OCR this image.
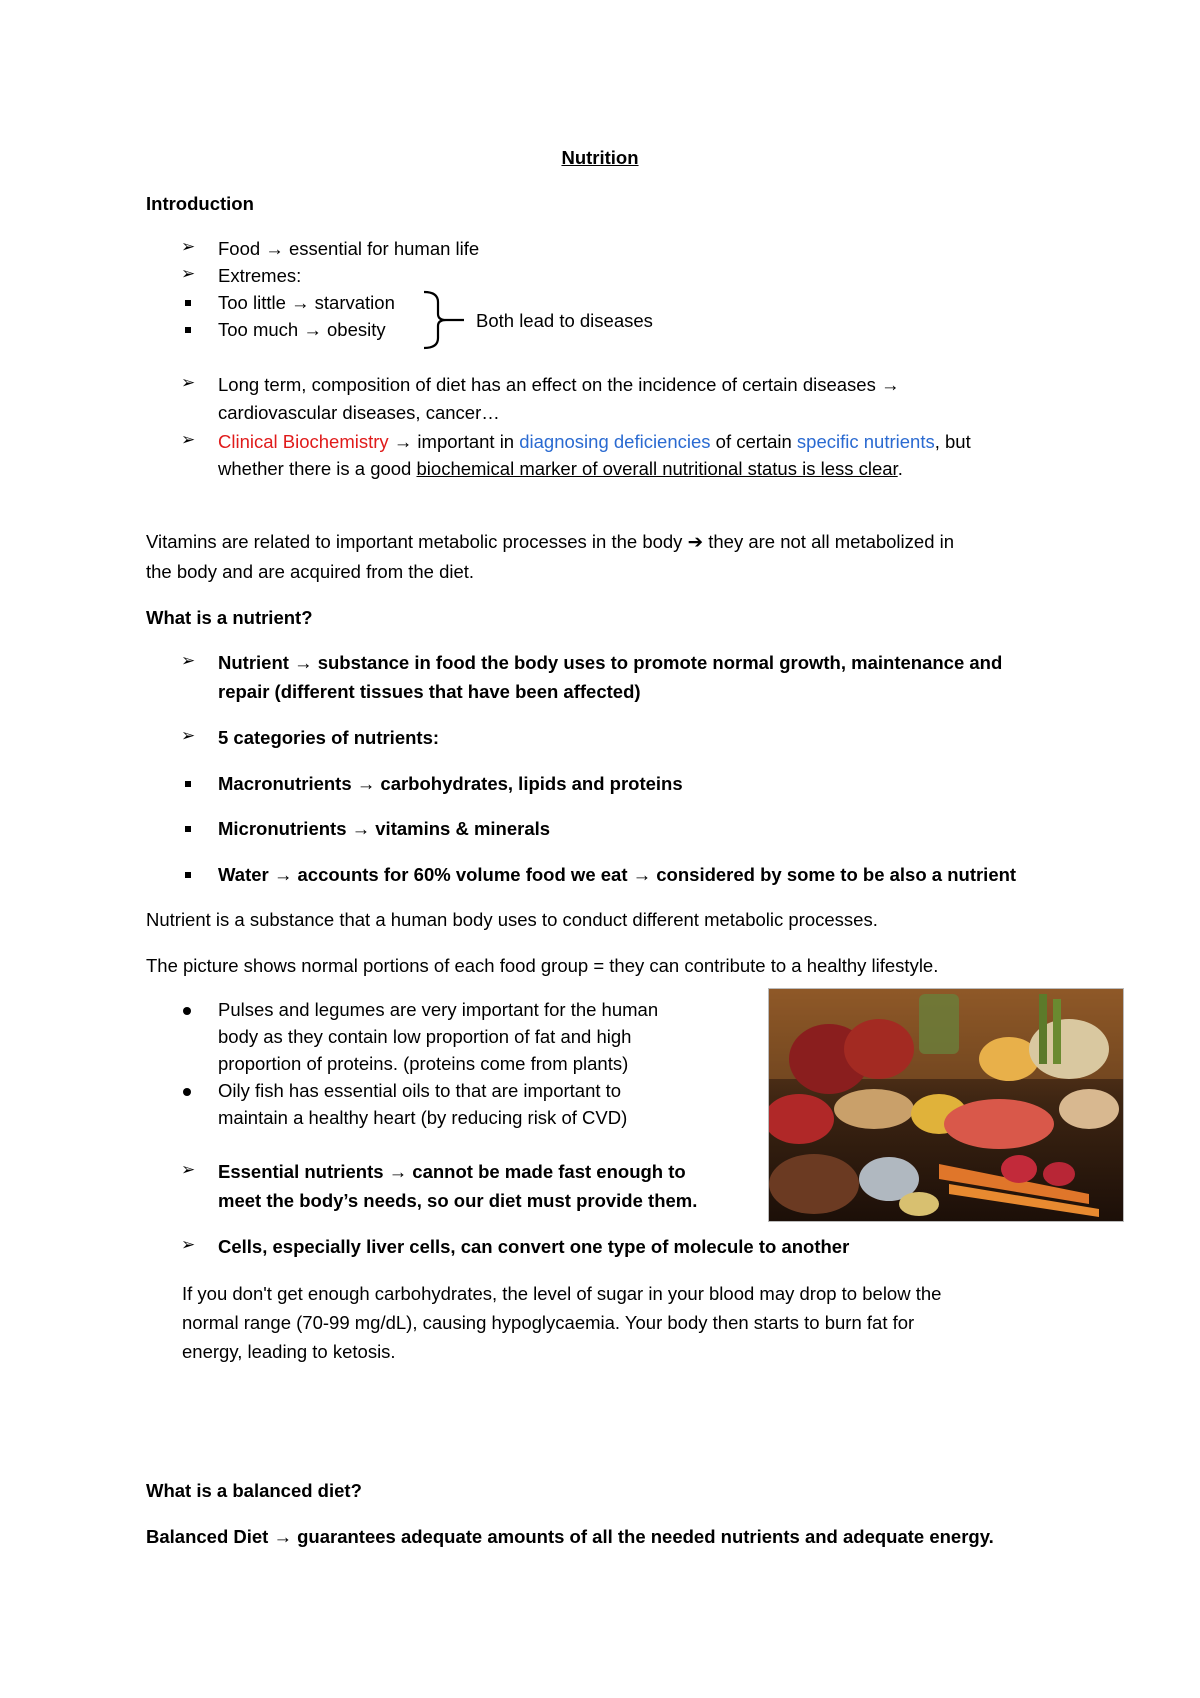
Nutrition
Introduction
➢ Food → essential for human life
➢ Extremes:
Too little → starvation
Too much → obesity	Both lead to diseases
➢ Long term, composition of diet has an effect on the incidence of certain diseases →
cardiovascular diseases, cancer…
➢ Clinical Biochemistry → important in diagnosing deficiencies of certain specific nutrients, but
whether there is a good biochemical marker of overall nutritional status is less clear.
Vitamins are related to important metabolic processes in the body ➔ they are not all metabolized in
the body and are acquired from the diet.
What is a nutrient?
➢ Nutrient → substance in food the body uses to promote normal growth, maintenance and
repair (different tissues that have been affected)
➢ 5 categories of nutrients:
Macronutrients → carbohydrates, lipids and proteins
Micronutrients → vitamins & minerals
Water → accounts for 60% volume food we eat → considered by some to be also a nutrient
Nutrient is a substance that a human body uses to conduct different metabolic processes.
The picture shows normal portions of each food group = they can contribute to a healthy lifestyle.
Pulses and legumes are very important for the human
body as they contain low proportion of fat and high
proportion of proteins. (proteins come from plants)
Oily fish has essential oils to that are important to
maintain a healthy heart (by reducing risk of CVD)
➢ Essential nutrients → cannot be made fast enough to
meet the body’s needs, so our diet must provide them.
➢ Cells, especially liver cells, can convert one type of molecule to another
If you don't get enough carbohydrates, the level of sugar in your blood may drop to below the
normal range (70-99 mg/dL), causing hypoglycaemia. Your body then starts to burn fat for
energy, leading to ketosis.
What is a balanced diet?
Balanced Diet → guarantees adequate amounts of all the needed nutrients and adequate energy.
